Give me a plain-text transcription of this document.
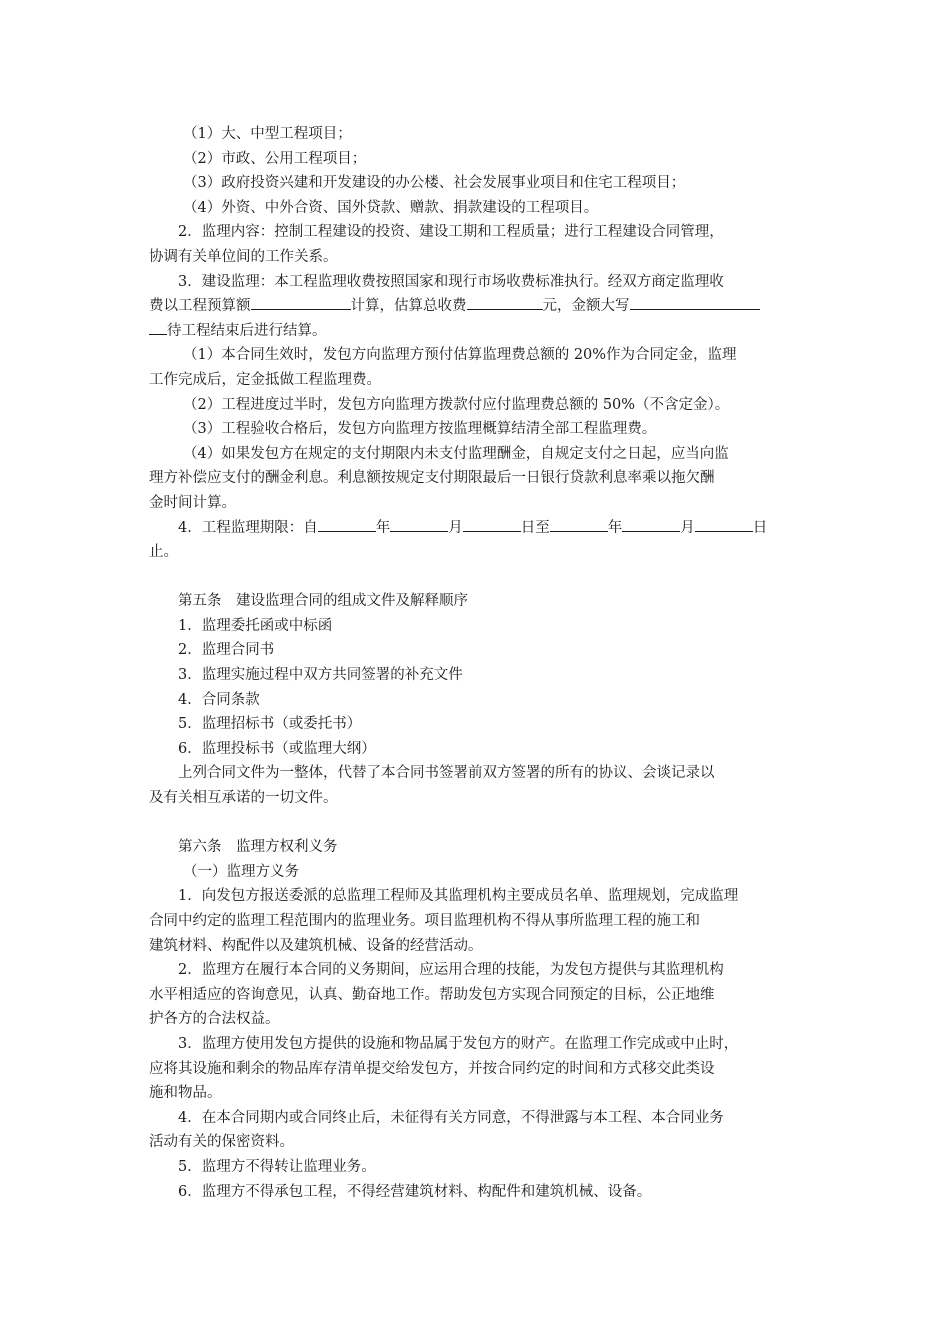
（1）大、中型工程项目；
（2）市政、公用工程项目；
（3）政府投资兴建和开发建设的办公楼、社会发展事业项目和住宅工程项目；
（4）外资、中外合资、国外贷款、赠款、捐款建设的工程项目。
2．监理内容：控制工程建设的投资、建设工期和工程质量；进行工程建设合同管理，
协调有关单位间的工作关系。
3．建设监理：本工程监理收费按照国家和现行市场收费标准执行。经双方商定监理收
费以工程预算额	计算，估算总收费	元，金额大写
待工程结束后进行结算。
（1）本合同生效时，发包方向监理方预付估算监理费总额的 20%作为合同定金，监理
工作完成后，定金抵做工程监理费。
（2）工程进度过半时，发包方向监理方拨款付应付监理费总额的 50%（不含定金）。
（3）工程验收合格后，发包方向监理方按监理概算结清全部工程监理费。
（4）如果发包方在规定的支付期限内未支付监理酬金，自规定支付之日起，应当向监
理方补偿应支付的酬金利息。利息额按规定支付期限最后一日银行贷款利息率乘以拖欠酬
金时间计算。
4．工程监理期限：自	年	月	日至	年	月	日
止。
第五条　建设监理合同的组成文件及解释顺序
1．监理委托函或中标函
2．监理合同书
3．监理实施过程中双方共同签署的补充文件
4．合同条款
5．监理招标书（或委托书）
6．监理投标书（或监理大纲）
上列合同文件为一整体，代替了本合同书签署前双方签署的所有的协议、会谈记录以
及有关相互承诺的一切文件。
第六条　监理方权利义务
（一）监理方义务
1．向发包方报送委派的总监理工程师及其监理机构主要成员名单、监理规划，完成监理
合同中约定的监理工程范围内的监理业务。项目监理机构不得从事所监理工程的施工和
建筑材料、构配件以及建筑机械、设备的经营活动。
2．监理方在履行本合同的义务期间，应运用合理的技能，为发包方提供与其监理机构
水平相适应的咨询意见，认真、勤奋地工作。帮助发包方实现合同预定的目标，公正地维
护各方的合法权益。
3．监理方使用发包方提供的设施和物品属于发包方的财产。在监理工作完成或中止时，
应将其设施和剩余的物品库存清单提交给发包方，并按合同约定的时间和方式移交此类设
施和物品。
4．在本合同期内或合同终止后，未征得有关方同意，不得泄露与本工程、本合同业务
活动有关的保密资料。
5．监理方不得转让监理业务。
6．监理方不得承包工程，不得经营建筑材料、构配件和建筑机械、设备。
